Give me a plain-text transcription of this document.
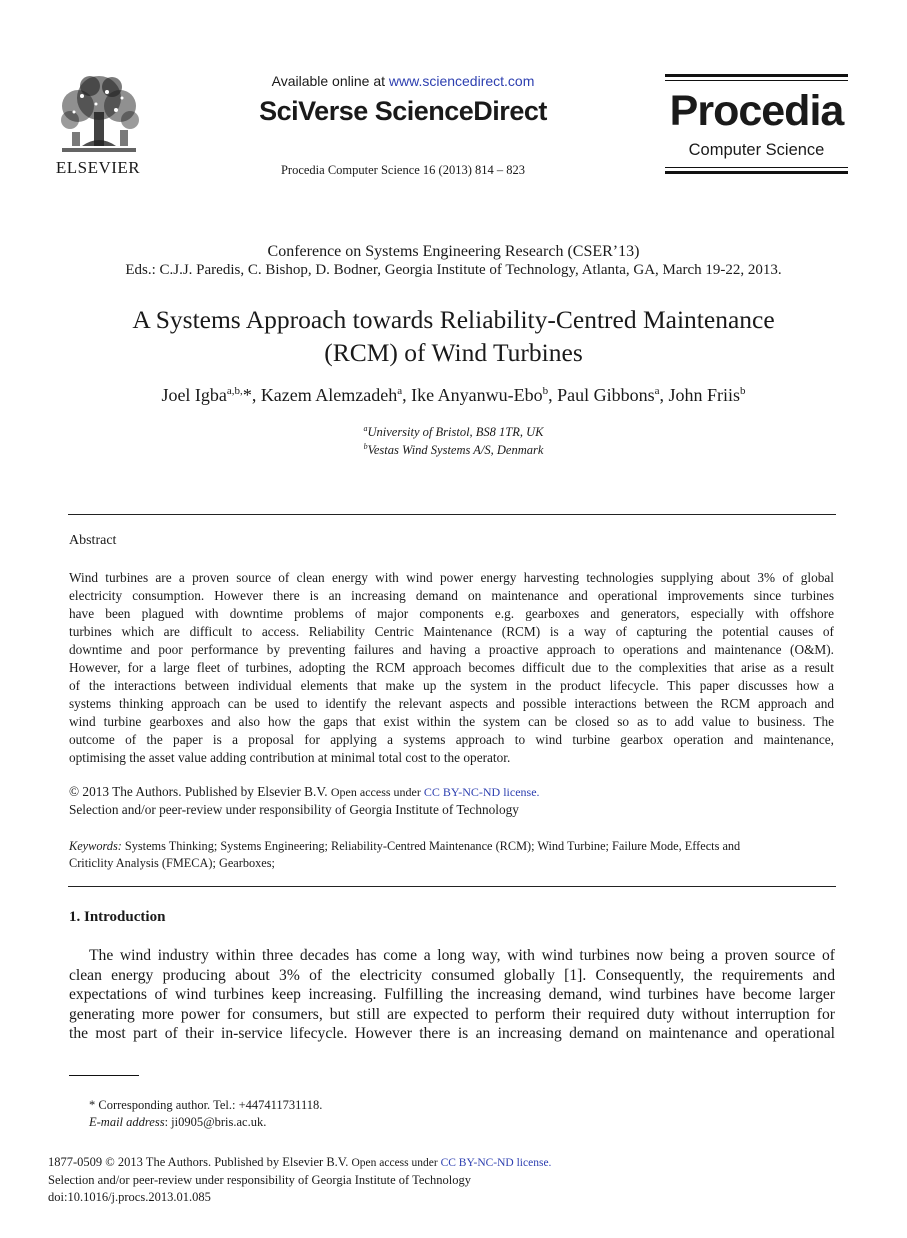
ELSEVIER
Available online at www.sciencedirect.com
SciVerse ScienceDirect
Procedia Computer Science 16 (2013) 814 – 823
Procedia
Computer Science
Conference on Systems Engineering Research (CSER’13)
Eds.: C.J.J. Paredis, C. Bishop, D. Bodner, Georgia Institute of Technology, Atlanta, GA, March 19-22, 2013.
A Systems Approach towards Reliability-Centred Maintenance
(RCM) of Wind Turbines
Joel Igba$^{a,b,}$*, Kazem Alemzadeh$^a$, Ike Anyanwu-Ebo$^b$, Paul Gibbons$^a$, John Friis$^b$
$^a$University of Bristol, BS8 1TR, UK
$^b$Vestas Wind Systems A/S, Denmark
Abstract
Wind turbines are a proven source of clean energy with wind power energy harvesting technologies supplying about 3% of global
electricity consumption. However there is an increasing demand on maintenance and operational improvements since turbines
have been plagued with downtime problems of major components e.g. gearboxes and generators, especially with offshore
turbines which are difficult to access. Reliability Centric Maintenance (RCM) is a way of capturing the potential causes of
downtime and poor performance by preventing failures and having a proactive approach to operations and maintenance (O&M).
However, for a large fleet of turbines, adopting the RCM approach becomes difficult due to the complexities that arise as a result
of the interactions between individual elements that make up the system in the product lifecycle. This paper discusses how a
systems thinking approach can be used to identify the relevant aspects and possible interactions between the RCM approach and
wind turbine gearboxes and also how the gaps that exist within the system can be closed so as to add value to business. The
outcome of the paper is a proposal for applying a systems approach to wind turbine gearbox operation and maintenance,
optimising the asset value adding contribution at minimal total cost to the operator.
© 2013 The Authors. Published by Elsevier B.V. Open access under CC BY-NC-ND license.
Selection and/or peer-review under responsibility of Georgia Institute of Technology
Keywords: Systems Thinking; Systems Engineering; Reliability-Centred Maintenance (RCM); Wind Turbine; Failure Mode, Effects and
Criticlity Analysis (FMECA); Gearboxes;
1. Introduction
The wind industry within three decades has come a long way, with wind turbines now being a proven source of
clean energy producing about 3% of the electricity consumed globally [1]. Consequently, the requirements and
expectations of wind turbines keep increasing. Fulfilling the increasing demand, wind turbines have become larger
generating more power for consumers, but still are expected to perform their required duty without interruption for
the most part of their in-service lifecycle. However there is an increasing demand on maintenance and operational
* Corresponding author. Tel.: +447411731118.
E-mail address: ji0905@bris.ac.uk.
1877-0509 © 2013 The Authors. Published by Elsevier B.V. Open access under CC BY-NC-ND license.
Selection and/or peer-review under responsibility of Georgia Institute of Technology
doi:10.1016/j.procs.2013.01.085
